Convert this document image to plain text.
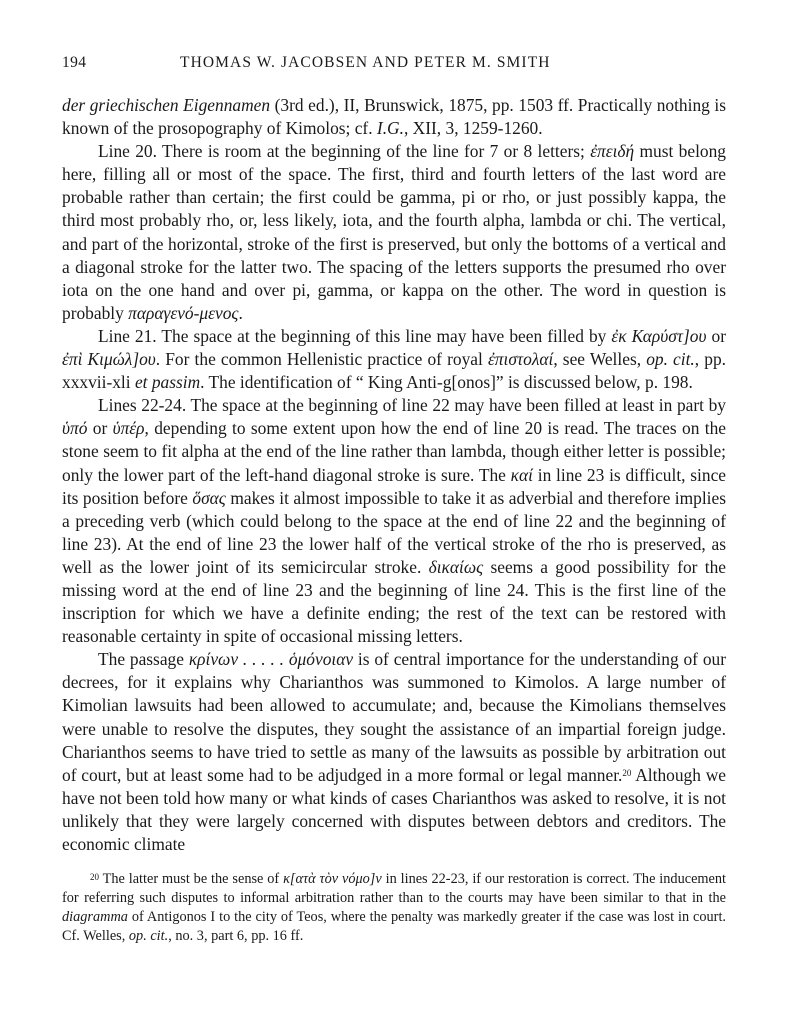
194	THOMAS W. JACOBSEN AND PETER M. SMITH

der griechischen Eigennamen (3rd ed.), II, Brunswick, 1875, pp. 1503 ff. Practically nothing is known of the prosopography of Kimolos; cf. I.G., XII, 3, 1259-1260.

Line 20. There is room at the beginning of the line for 7 or 8 letters; ἐπειδή must belong here, filling all or most of the space. The first, third and fourth letters of the last word are probable rather than certain; the first could be gamma, pi or rho, or just possibly kappa, the third most probably rho, or, less likely, iota, and the fourth alpha, lambda or chi. The vertical, and part of the horizontal, stroke of the first is preserved, but only the bottoms of a vertical and a diagonal stroke for the latter two. The spacing of the letters supports the presumed rho over iota on the one hand and over pi, gamma, or kappa on the other. The word in question is probably παραγενό-μενος.

Line 21. The space at the beginning of this line may have been filled by ἐκ Καρύστ]ου or ἐπὶ Κιμώλ]ου. For the common Hellenistic practice of royal ἐπιστολαί, see Welles, op. cit., pp. xxxvii-xli et passim. The identification of “ King Anti-g[onos]” is discussed below, p. 198.

Lines 22-24. The space at the beginning of line 22 may have been filled at least in part by ὑπό or ὑπέρ, depending to some extent upon how the end of line 20 is read. The traces on the stone seem to fit alpha at the end of the line rather than lambda, though either letter is possible; only the lower part of the left-hand diagonal stroke is sure. The καί in line 23 is difficult, since its position before ὅσας makes it almost impossible to take it as adverbial and therefore implies a preceding verb (which could belong to the space at the end of line 22 and the beginning of line 23). At the end of line 23 the lower half of the vertical stroke of the rho is preserved, as well as the lower joint of its semicircular stroke. δικαίως seems a good possibility for the missing word at the end of line 23 and the beginning of line 24. This is the first line of the inscription for which we have a definite ending; the rest of the text can be restored with reasonable certainty in spite of occasional missing letters.

The passage κρίνων . . . . . ὁμόνοιαν is of central importance for the understanding of our decrees, for it explains why Charianthos was summoned to Kimolos. A large number of Kimolian lawsuits had been allowed to accumulate; and, because the Kimolians themselves were unable to resolve the disputes, they sought the assistance of an impartial foreign judge. Charianthos seems to have tried to settle as many of the lawsuits as possible by arbitration out of court, but at least some had to be adjudged in a more formal or legal manner.$^{20}$ Although we have not been told how many or what kinds of cases Charianthos was asked to resolve, it is not unlikely that they were largely concerned with disputes between debtors and creditors. The economic climate

$^{20}$ The latter must be the sense of κ[ατὰ τὸν νόμο]ν in lines 22-23, if our restoration is correct. The inducement for referring such disputes to informal arbitration rather than to the courts may have been similar to that in the diagramma of Antigonos I to the city of Teos, where the penalty was markedly greater if the case was lost in court. Cf. Welles, op. cit., no. 3, part 6, pp. 16 ff.
